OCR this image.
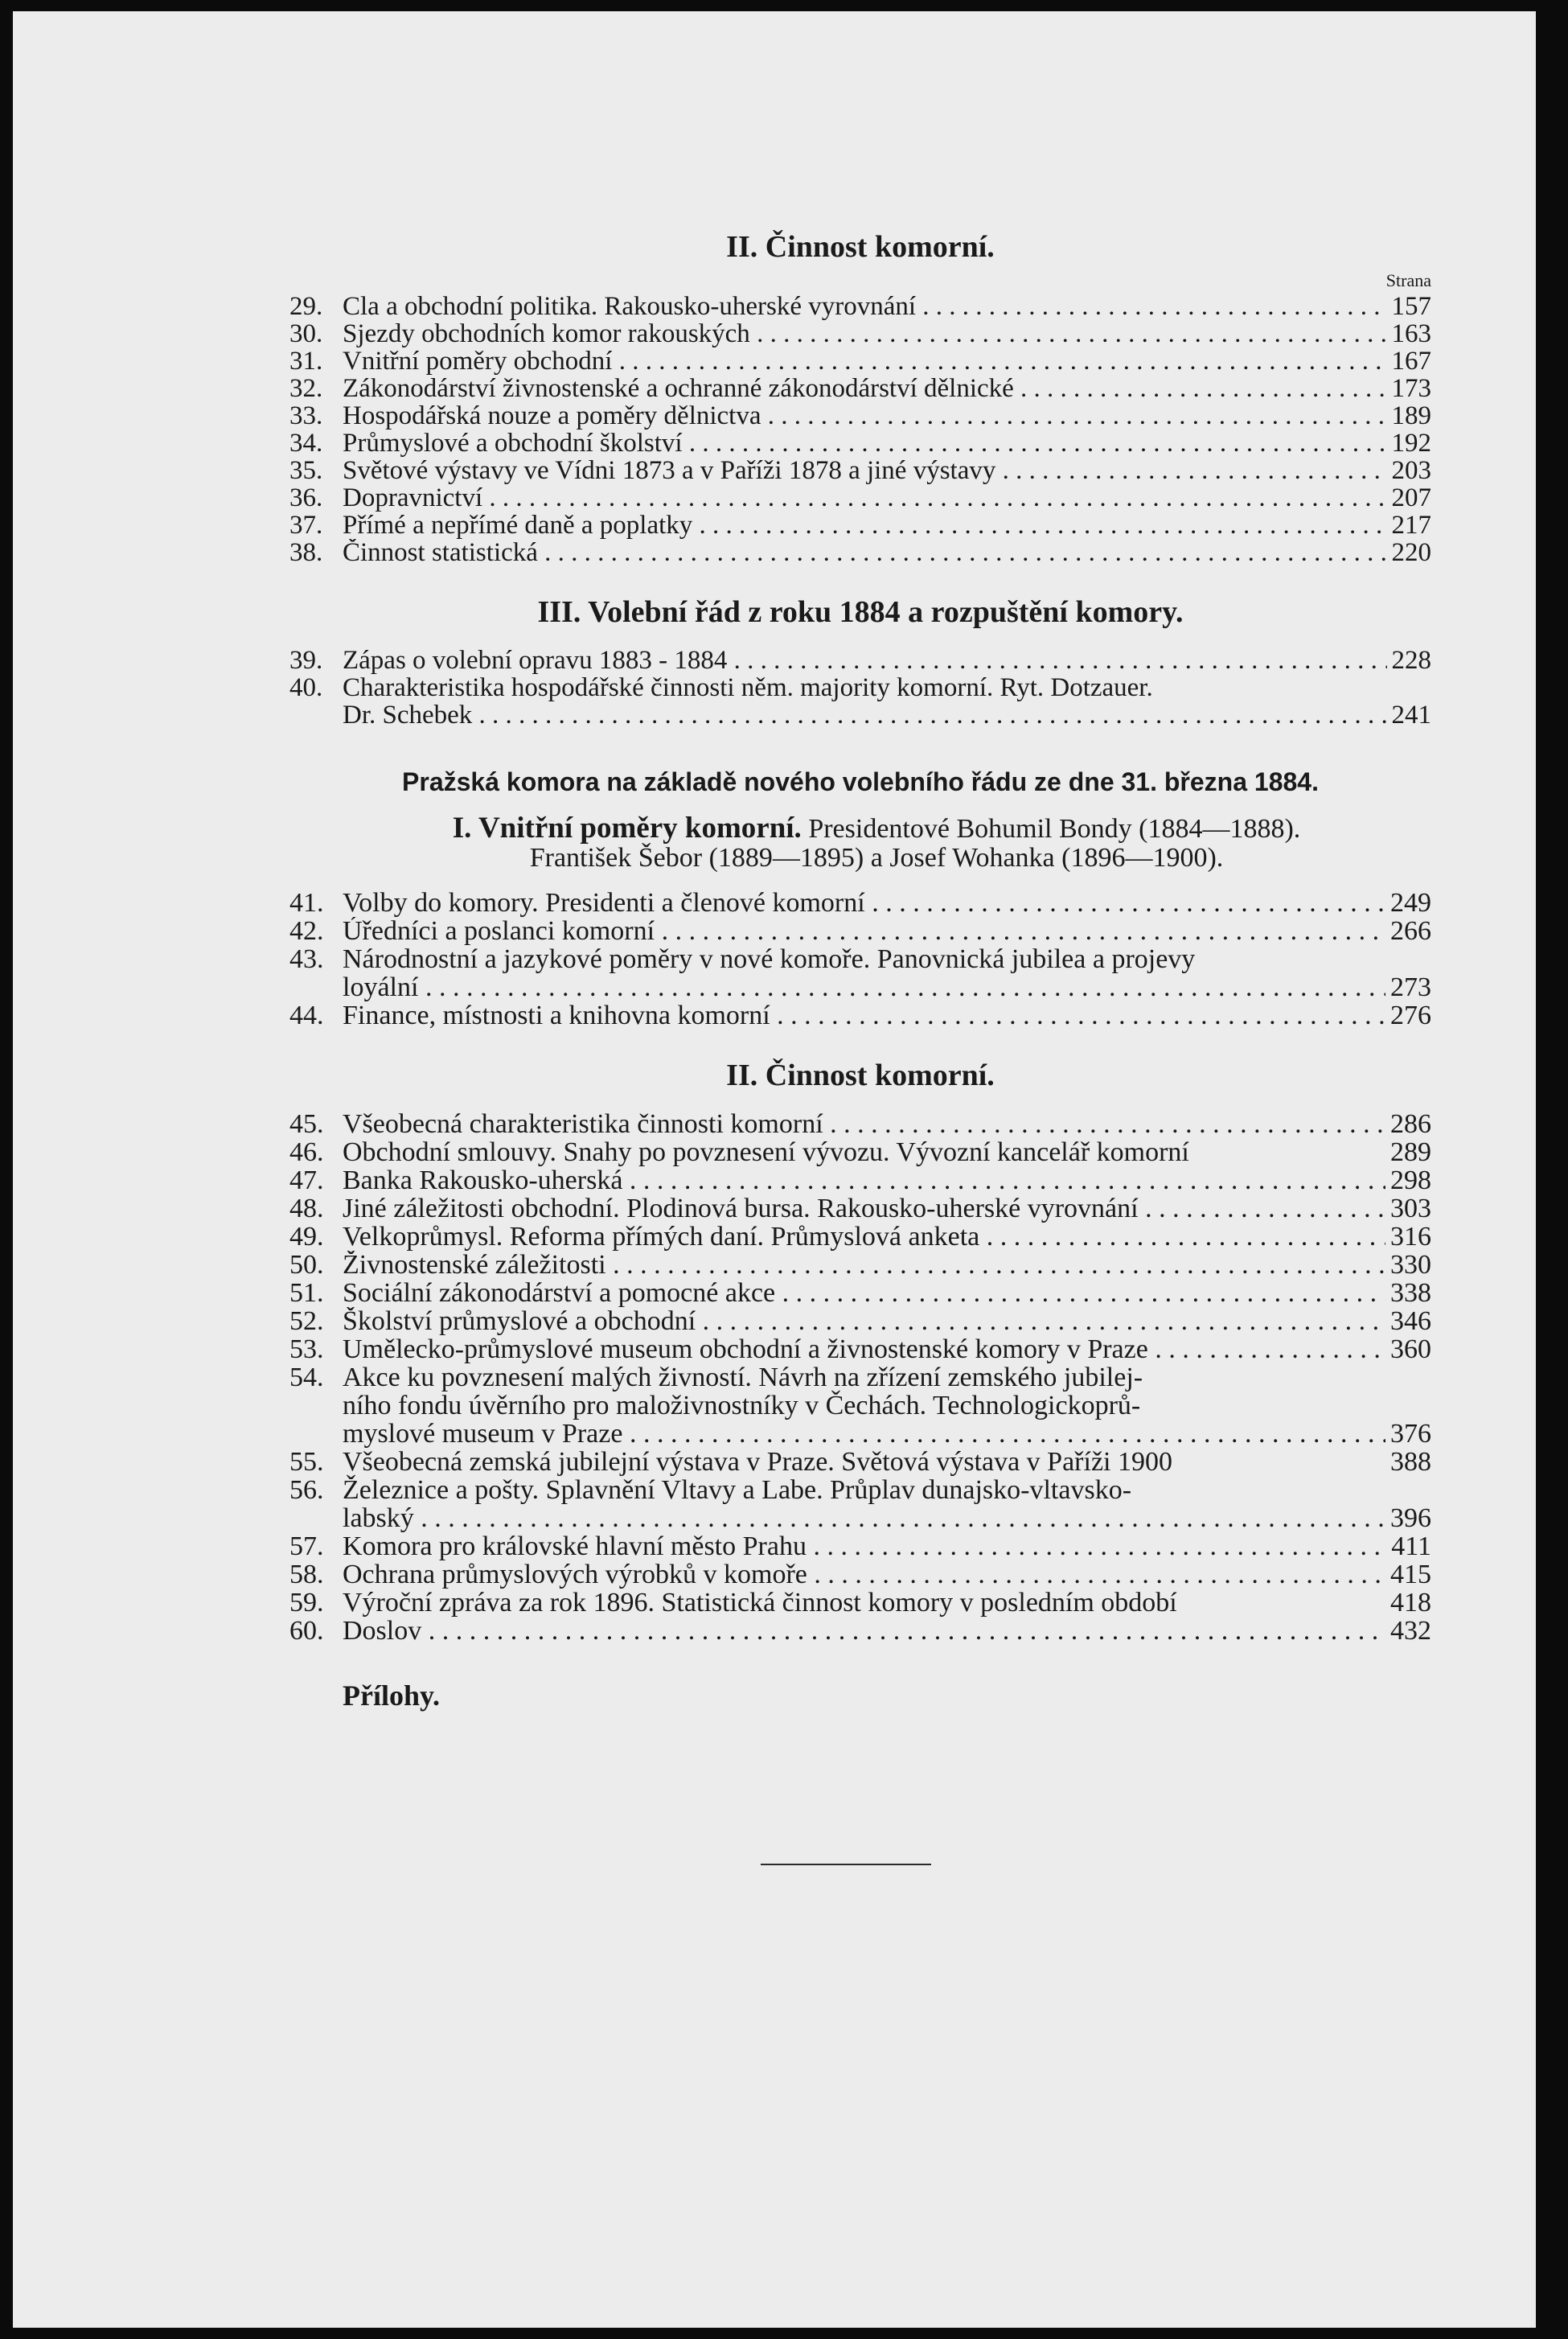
II. Činnost komorní.
Strana
29. Cla a obchodní politika. Rakousko-uherské vyrovnání . . .	157
30. Sjezdy obchodních komor rakouských . . .	163
31. Vnitřní poměry obchodní . . .	167
32. Zákonodárství živnostenské a ochranné zákonodárství dělnické . . .	173
33. Hospodářská nouze a poměry dělnictva . . .	189
34. Průmyslové a obchodní školství . . .	192
35. Světové výstavy ve Vídni 1873 a v Paříži 1878 a jiné výstavy . . .	203
36. Dopravnictví . . .	207
37. Přímé a nepřímé daně a poplatky . . .	217
38. Činnost statistická . . .	220
III. Volební řád z roku 1884 a rozpuštění komory.
39. Zápas o volební opravu 1883 - 1884 . . .	228
40. Charakteristika hospodářské činnosti něm. majority komorní. Ryt. Dotzauer.
Dr. Schebek . . .	241
Pražská komora na základě nového volebního řádu ze dne 31. března 1884.

I. Vnitřní poměry komorní. Presidentové Bohumil Bondy (1884—1888).
František Šebor (1889—1895) a Josef Wohanka (1896—1900).

41. Volby do komory. Presidenti a členové komorní . . .	249
42. Úředníci a poslanci komorní . . .	266
43. Národnostní a jazykové poměry v nové komoře. Panovnická jubilea a projevy
loyální . . .	273
44. Finance, místnosti a knihovna komorní . . .	276
II. Činnost komorní.
45. Všeobecná charakteristika činnosti komorní . . .	286
46. Obchodní smlouvy. Snahy po povznesení vývozu. Vývozní kancelář komorní	289
47. Banka Rakousko-uherská . . .	298
48. Jiné záležitosti obchodní. Plodinová bursa. Rakousko-uherské vyrovnání . . .	303
49. Velkoprůmysl. Reforma přímých daní. Průmyslová anketa . . .	316
50. Živnostenské záležitosti . . .	330
51. Sociální zákonodárství a pomocné akce . . .	338
52. Školství průmyslové a obchodní . . .	346
53. Umělecko-průmyslové museum obchodní a živnostenské komory v Praze . . .	360
54. Akce ku povznesení malých živností. Návrh na zřízení zemského jubilej-
ního fondu úvěrního pro maloživnostníky v Čechách. Technologickoprů-
myslové museum v Praze . . .	376
55. Všeobecná zemská jubilejní výstava v Praze. Světová výstava v Paříži 1900	388
56. Železnice a pošty. Splavnění Vltavy a Labe. Průplav dunajsko-vltavsko-
labský . . .	396
57. Komora pro královské hlavní město Prahu . . .	411
58. Ochrana průmyslových výrobků v komoře . . .	415
59. Výroční zpráva za rok 1896. Statistická činnost komory v posledním období	418
60. Doslov . . .	432
Přílohy.
